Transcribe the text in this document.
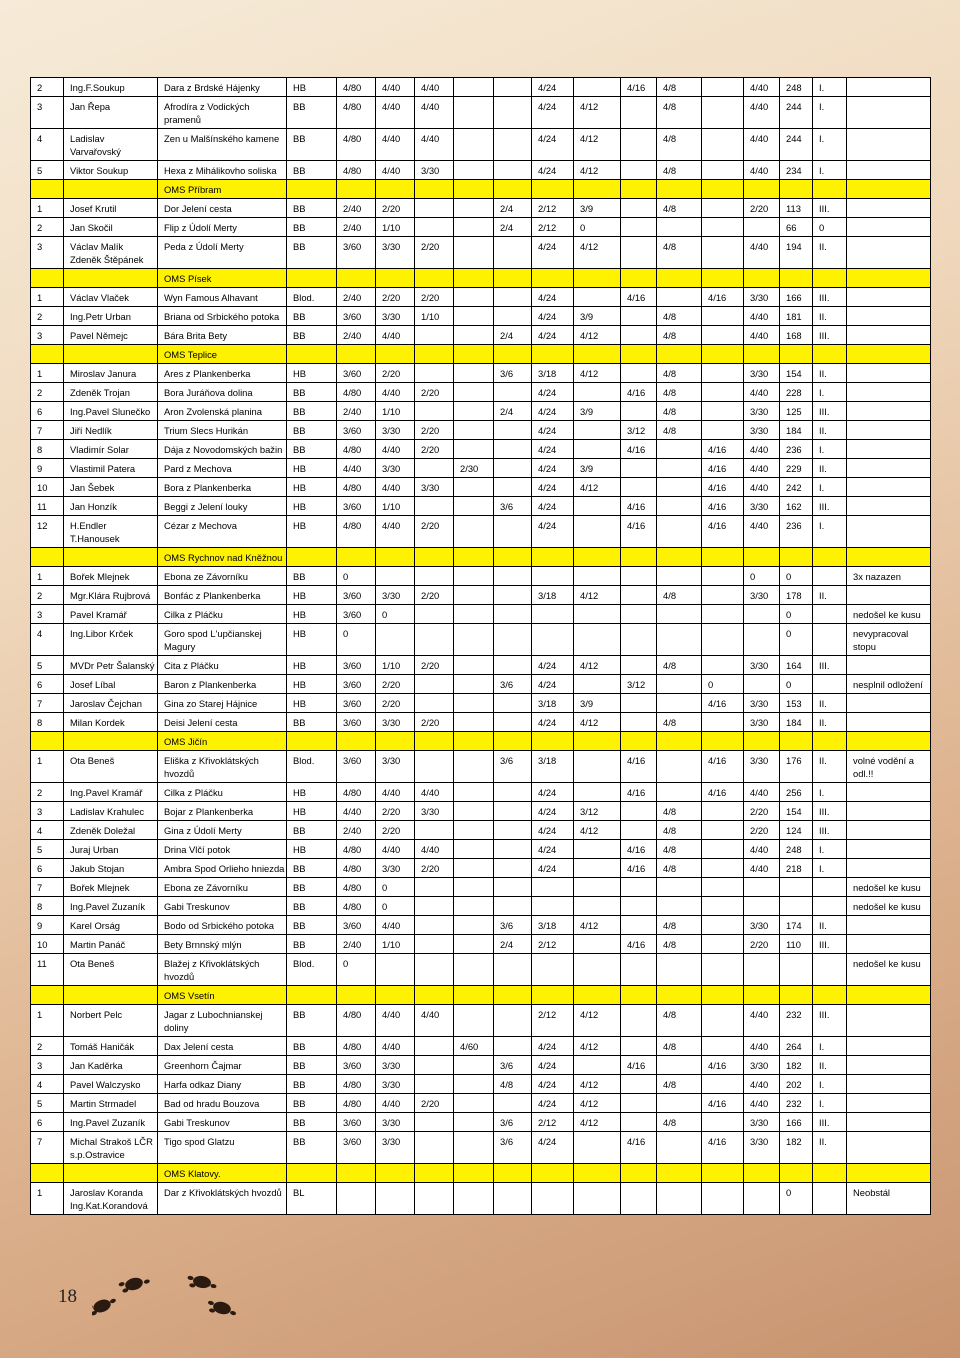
2	Ing.F.Soukup	Dara z Brdské Hájenky	HB	4/80	4/40	4/40			4/24		4/16	4/8		4/40	248	I.	
3	Jan Řepa	Afrodíra z Vodických pramenů	BB	4/80	4/40	4/40			4/24	4/12		4/8		4/40	244	I.	
4	Ladislav Varvařovský	Zen u Malšínského kamene	BB	4/80	4/40	4/40			4/24	4/12		4/8		4/40	244	I.	
5	Viktor Soukup	Hexa z Mihálikovho soliska	BB	4/80	4/40	3/30			4/24	4/12		4/8		4/40	234	I.	
		OMS Příbram															
1	Josef Krutil	Dor Jelení cesta	BB	2/40	2/20			2/4	2/12	3/9		4/8		2/20	113	III.	
2	Jan Skočil	Flip z Údolí Merty	BB	2/40	1/10			2/4	2/12	0					66	0	
3	Václav Malík Zdeněk Štěpánek	Peda z Údolí Merty	BB	3/60	3/30	2/20			4/24	4/12		4/8		4/40	194	II.	
		OMS Písek															
1	Václav Vlaček	Wyn Famous Alhavant	Blod.	2/40	2/20	2/20			4/24		4/16		4/16	3/30	166	III.	
2	Ing.Petr Urban	Briana od Srbického potoka	BB	3/60	3/30	1/10			4/24	3/9		4/8		4/40	181	II.	
3	Pavel Němejc	Bára Brita Bety	BB	2/40	4/40			2/4	4/24	4/12		4/8		4/40	168	III.	
		OMS Teplice															
1	Miroslav Janura	Ares z Plankenberka	HB	3/60	2/20			3/6	3/18	4/12		4/8		3/30	154	II.	
2	Zdeněk Trojan	Bora Juráňova dolina	BB	4/80	4/40	2/20			4/24		4/16	4/8		4/40	228	I.	
6	Ing.Pavel Slunečko	Aron Zvolenská planina	BB	2/40	1/10			2/4	4/24	3/9		4/8		3/30	125	III.	
7	Jiří Nedlík	Trium Slecs Hurikán	BB	3/60	3/30	2/20			4/24		3/12	4/8		3/30	184	II.	
8	Vladimír Solar	Dája z Novodomských bažin	BB	4/80	4/40	2/20			4/24		4/16		4/16	4/40	236	I.	
9	Vlastimil Patera	Pard z Mechova	HB	4/40	3/30		2/30		4/24	3/9			4/16	4/40	229	II.	
10	Jan Šebek	Bora z Plankenberka	HB	4/80	4/40	3/30			4/24	4/12			4/16	4/40	242	I.	
11	Jan Honzík	Beggi z Jelení louky	HB	3/60	1/10			3/6	4/24		4/16		4/16	3/30	162	III.	
12	H.Endler T.Hanousek	Cézar z Mechova	HB	4/80	4/40	2/20			4/24		4/16		4/16	4/40	236	I.	
		OMS Rychnov nad Kněžnou															
1	Bořek Mlejnek	Ebona ze Závorníku	BB	0										0	0		3x nazazen
2	Mgr.Klára Rujbrová	Bonfác z Plankenberka	HB	3/60	3/30	2/20			3/18	4/12		4/8		3/30	178	II.	
3	Pavel Kramář	Cilka z Pláčku	HB	3/60	0										0		nedošel ke kusu
4	Ing.Libor Krček	Goro spod L'upčianskej Magury	HB	0											0		nevypracoval stopu
5	MVDr Petr Šalanský	Cita z Pláčku	HB	3/60	1/10	2/20			4/24	4/12		4/8		3/30	164	III.	
6	Josef Líbal	Baron z Plankenberka	HB	3/60	2/20			3/6	4/24		3/12		0		0		nesplnil odložení
7	Jaroslav Čejchan	Gina zo Starej Hájnice	HB	3/60	2/20				3/18	3/9			4/16	3/30	153	II.	
8	Milan Kordek	Deisi Jelení cesta	BB	3/60	3/30	2/20			4/24	4/12		4/8		3/30	184	II.	
		OMS Jičín															
1	Ota Beneš	Eliška z Křivoklátských hvozdů	Blod.	3/60	3/30			3/6	3/18		4/16		4/16	3/30	176	II.	volné vodění a odl.!!
2	Ing.Pavel Kramář	Cilka z Pláčku	HB	4/80	4/40	4/40			4/24		4/16		4/16	4/40	256	I.	
3	Ladislav Krahulec	Bojar z Plankenberka	HB	4/40	2/20	3/30			4/24	3/12		4/8		2/20	154	III.	
4	Zdeněk Doležal	Gina z Údolí Merty	BB	2/40	2/20				4/24	4/12		4/8		2/20	124	III.	
5	Juraj Urban	Drina Vlčí potok	HB	4/80	4/40	4/40			4/24		4/16	4/8		4/40	248	I.	
6	Jakub Stojan	Ambra Spod Orlieho hniezda	BB	4/80	3/30	2/20			4/24		4/16	4/8		4/40	218	I.	
7	Bořek Mlejnek	Ebona ze Závorníku	BB	4/80	0												nedošel ke kusu
8	Ing.Pavel Zuzaník	Gabi Treskunov	BB	4/80	0												nedošel ke kusu
9	Karel Orság	Bodo od Srbického potoka	BB	3/60	4/40			3/6	3/18	4/12		4/8		3/30	174	II.	
10	Martin Panáč	Bety Brnnský mlýn	BB	2/40	1/10			2/4	2/12		4/16	4/8		2/20	110	III.	
11	Ota Beneš	Blažej z Křivoklátských hvozdů	Blod.	0													nedošel ke kusu
		OMS Vsetín															
1	Norbert Pelc	Jagar z Lubochnianskej doliny	BB	4/80	4/40	4/40			2/12	4/12		4/8		4/40	232	III.	
2	Tomáš Haničák	Dax Jelení cesta	BB	4/80	4/40		4/60		4/24	4/12		4/8		4/40	264	I.	
3	Jan Kaděrka	Greenhorn Čajmar	BB	3/60	3/30			3/6	4/24		4/16		4/16	3/30	182	II.	
4	Pavel Walczysko	Harfa odkaz Diany	BB	4/80	3/30			4/8	4/24	4/12		4/8		4/40	202	I.	
5	Martin Strmadel	Bad od hradu Bouzova	BB	4/80	4/40	2/20			4/24	4/12			4/16	4/40	232	I.	
6	Ing.Pavel Zuzaník	Gabi Treskunov	BB	3/60	3/30			3/6	2/12	4/12		4/8		3/30	166	III.	
7	Michal Strakoš LČR s.p.Ostravice	Tigo spod Glatzu	BB	3/60	3/30			3/6	4/24		4/16		4/16	3/30	182	II.	
		OMS Klatovy.															
1	Jaroslav Koranda Ing.Kat.Korandová	Dar z Křivoklátských hvozdů	BL												0		Neobstál
18
